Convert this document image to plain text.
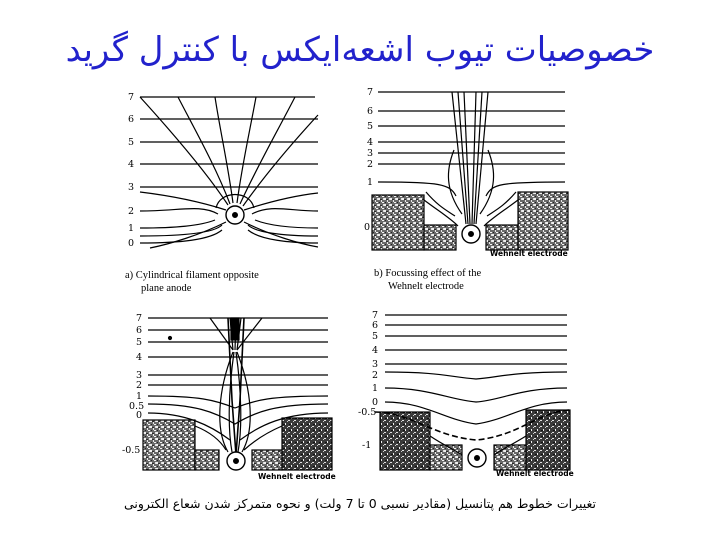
خصوصیات تیوب اشعه‌ایکس با کنترل گرید
7
6
5
4
3
2
1
0
a) Cylindrical filament opposite
plane anode
7
6
5
4
3
2
1
0
Wehnelt electrode
b) Focussing effect of the
Wehnelt electrode
7
6
5
4
3
2
1
0.5
0
-0.5
Wehnelt electrode
7
6
5
4
3
2
1
0
-0.5
-1
Wehnelt electrode
تغییرات خطوط هم پتانسیل (مقادیر نسبی 0 تا 7 ولت) و نحوه متمرکز شدن شعاع الکترونی
